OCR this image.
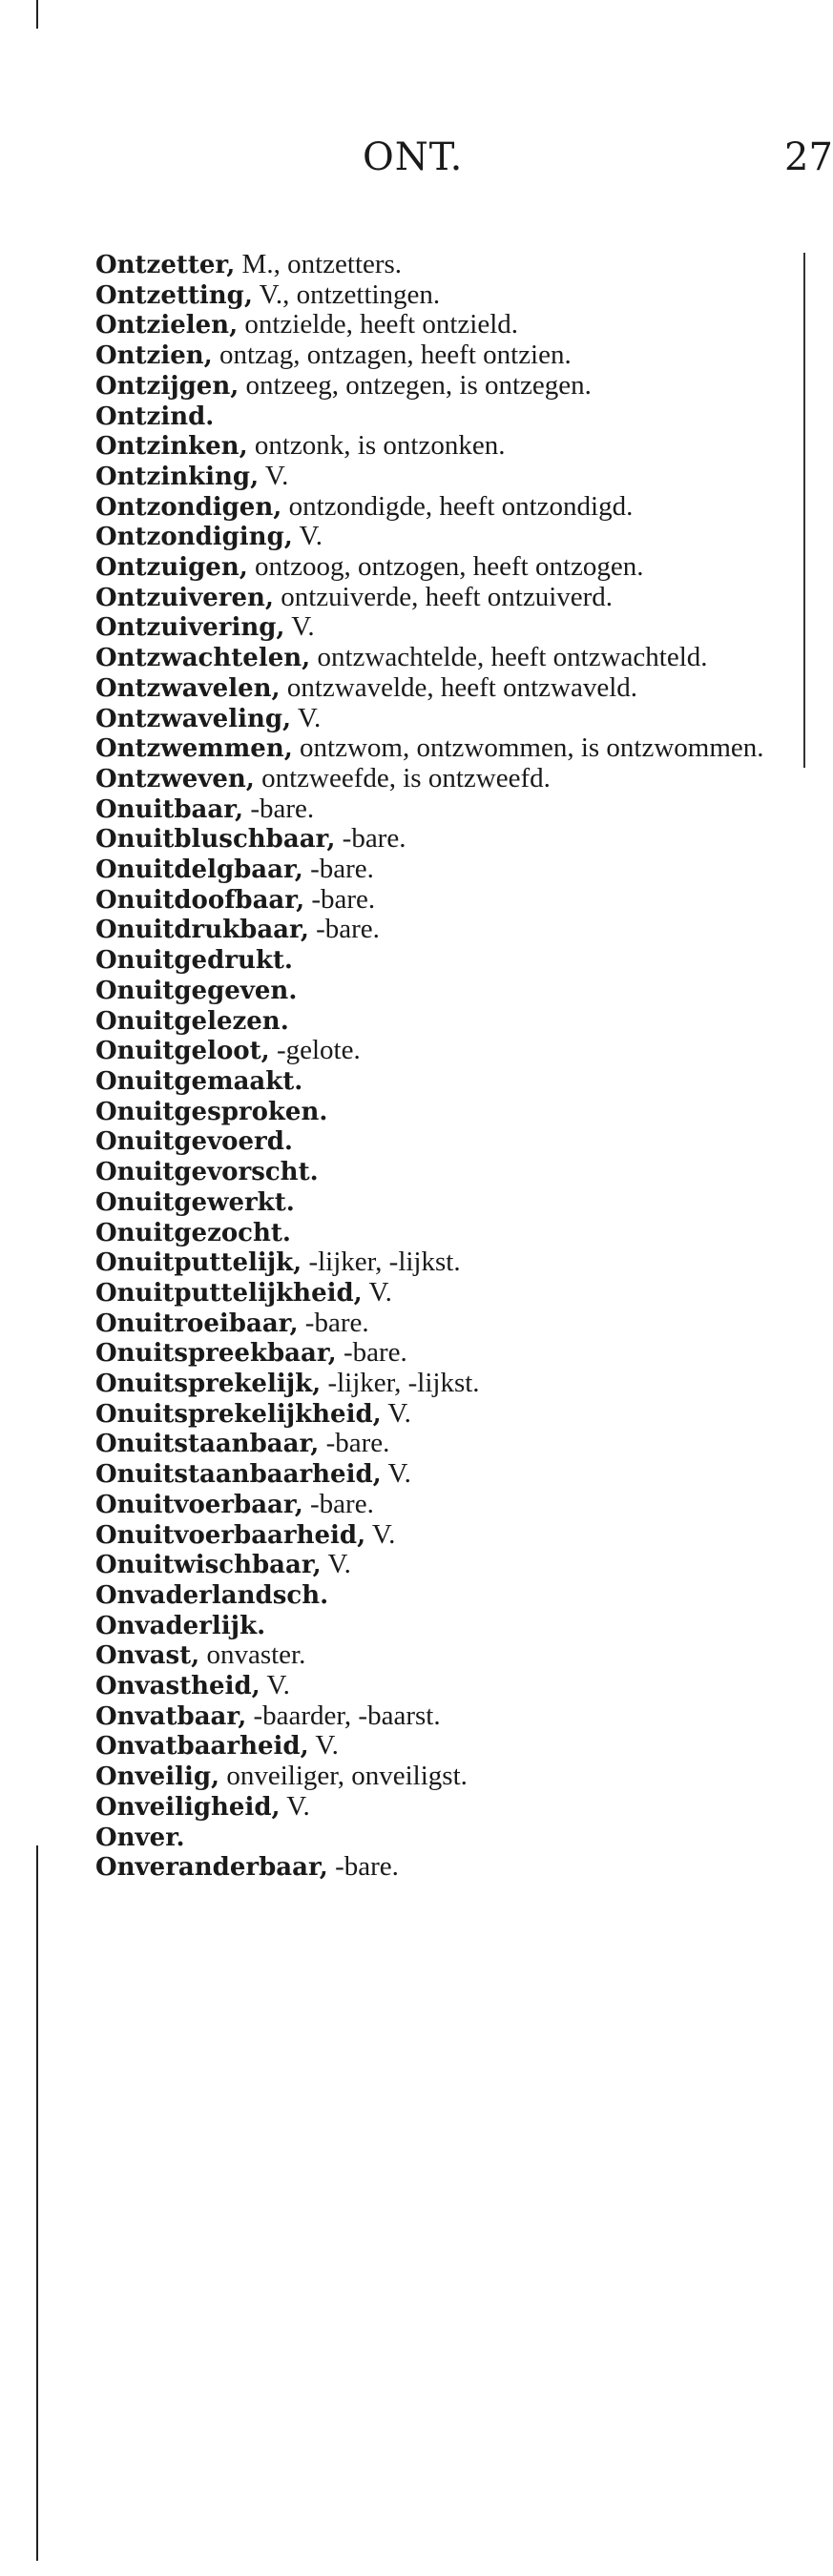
ONT.	27
Ontzetter, M., ontzetters.
Ontzetting, V., ontzettingen.
Ontzielen, ontzielde, heeft ontzield.
Ontzien, ontzag, ontzagen, heeft ontzien.
Ontzijgen, ontzeeg, ontzegen, is ontzegen.
Ontzind.
Ontzinken, ontzonk, is ontzonken.
Ontzinking, V.
Ontzondigen, ontzondigde, heeft ontzondigd.
Ontzondiging, V.
Ontzuigen, ontzoog, ontzogen, heeft ontzogen.
Ontzuiveren, ontzuiverde, heeft ontzuiverd.
Ontzuivering, V.
Ontzwachtelen, ontzwachtelde, heeft ontzwachteld.
Ontzwavelen, ontzwavelde, heeft ontzwaveld.
Ontzwaveling, V.
Ontzwemmen, ontzwom, ontzwommen, is ontzwommen.
Ontzweven, ontzweefde, is ontzweefd.
Onuitbaar, -bare.
Onuitbluschbaar, -bare.
Onuitdelgbaar, -bare.
Onuitdoofbaar, -bare.
Onuitdrukbaar, -bare.
Onuitgedrukt.
Onuitgegeven.
Onuitgelezen.
Onuitgeloot, -gelote.
Onuitgemaakt.
Onuitgesproken.
Onuitgevoerd.
Onuitgevorscht.
Onuitgewerkt.
Onuitgezocht.
Onuitputtelijk, -lijker, -lijkst.
Onuitputtelijkheid, V.
Onuitroeibaar, -bare.
Onuitspreekbaar, -bare.
Onuitsprekelijk, -lijker, -lijkst.
Onuitsprekelijkheid, V.
Onuitstaanbaar, -bare.
Onuitstaanbaarheid, V.
Onuitvoerbaar, -bare.
Onuitvoerbaarheid, V.
Onuitwischbaar, V.
Onvaderlandsch.
Onvaderlijk.
Onvast, onvaster.
Onvastheid, V.
Onvatbaar, -baarder, -baarst.
Onvatbaarheid, V.
Onveilig, onveiliger, onveiligst.
Onveiligheid, V.
Onver.
Onveranderbaar, -bare.
